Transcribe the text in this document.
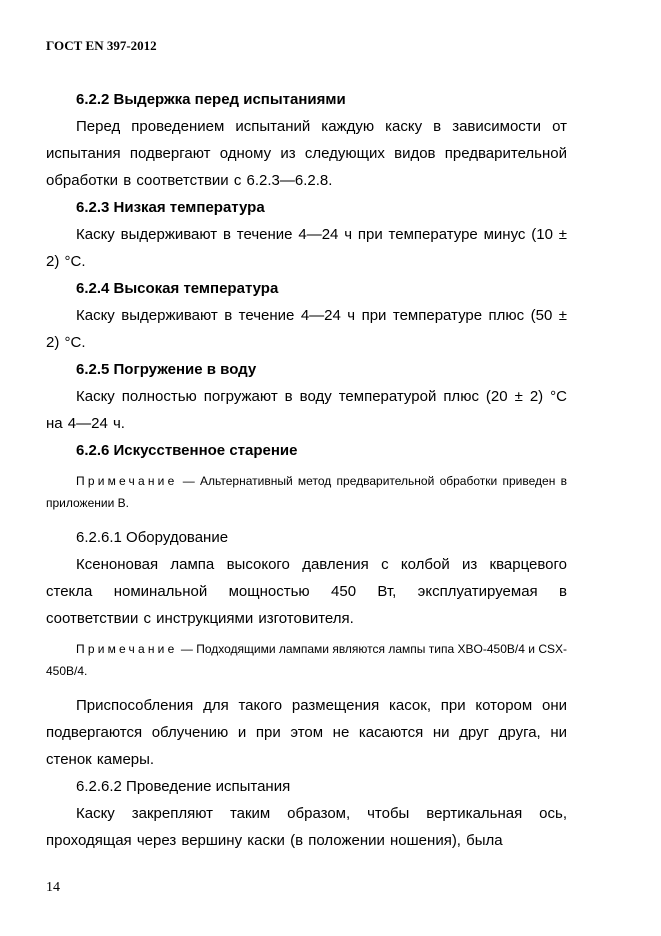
ГОСТ EN 397-2012

6.2.2 Выдержка перед испытаниями

Перед проведением испытаний каждую каску в зависимости от испытания подвергают одному из следующих видов предварительной обработки в соответствии с 6.2.3—6.2.8.

6.2.3 Низкая температура

Каску выдерживают в течение 4—24 ч при температуре минус (10 ± 2) °С.

6.2.4 Высокая температура

Каску выдерживают в течение 4—24 ч при температуре плюс (50 ± 2) °С.

6.2.5 Погружение в воду

Каску полностью погружают в воду температурой плюс (20 ± 2) °С на 4—24 ч.

6.2.6 Искусственное старение

Примечание — Альтернативный метод предварительной обработки приведен в приложении В.

6.2.6.1 Оборудование

Ксеноновая лампа высокого давления с колбой из кварцевого стекла номинальной мощностью 450 Вт, эксплуатируемая в соответствии с инструкциями изготовителя.

Примечание — Подходящими лампами являются лампы типа XBO-450B/4 и CSX-450B/4.

Приспособления для такого размещения касок, при котором они подвергаются облучению и при этом не касаются ни друг друга, ни стенок камеры.

6.2.6.2 Проведение испытания

Каску закрепляют таким образом, чтобы вертикальная ось, проходящая через вершину каски (в положении ношения), была

14
